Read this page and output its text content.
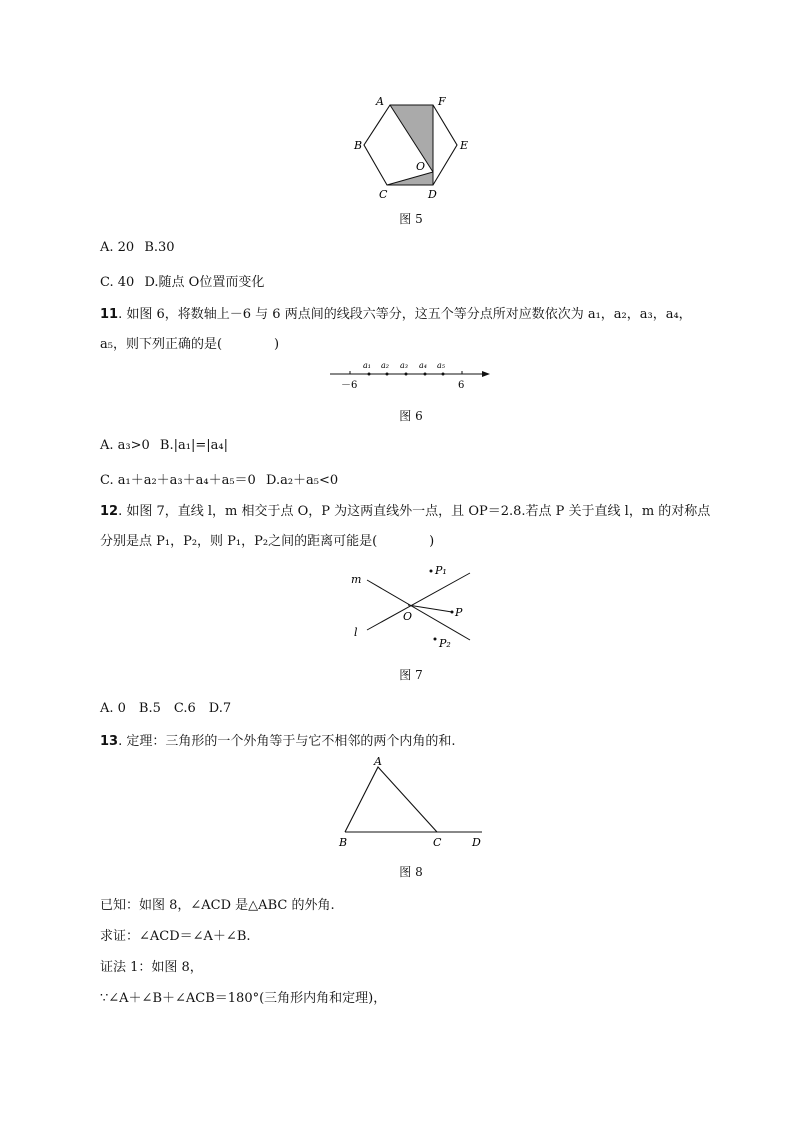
A	F
B	E
O
C	D
图 5
A. 20 B.30
C. 40 D.随点 O位置而变化
11. 如图 6，将数轴上－6 与 6 两点间的线段六等分，这五个等分点所对应数依次为 a₁，a₂，a₃，a₄，
a₅，则下列正确的是(　　　　)
a₁ a₂ a₃ a₄ a₅
－6	6
图 6
A. a₃>0 B.|a₁|=|a₄|
C. a₁＋a₂＋a₃＋a₄＋a₅＝0 D.a₂＋a₅<0
12. 如图 7，直线 l，m 相交于点 O，P 为这两直线外一点，且 OP＝2.8.若点 P 关于直线 l，m 的对称点
分别是点 P₁，P₂，则 P₁，P₂之间的距离可能是(　　　　)
m
l
O	P
P₁
P₂
图 7
A. 0　B.5　C.6　D.7
13. 定理：三角形的一个外角等于与它不相邻的两个内角的和.
A
B	C	D
图 8
已知：如图 8，∠ACD 是△ABC 的外角.
求证：∠ACD＝∠A＋∠B.
证法 1：如图 8，
∵∠A＋∠B＋∠ACB＝180°(三角形内角和定理)，
